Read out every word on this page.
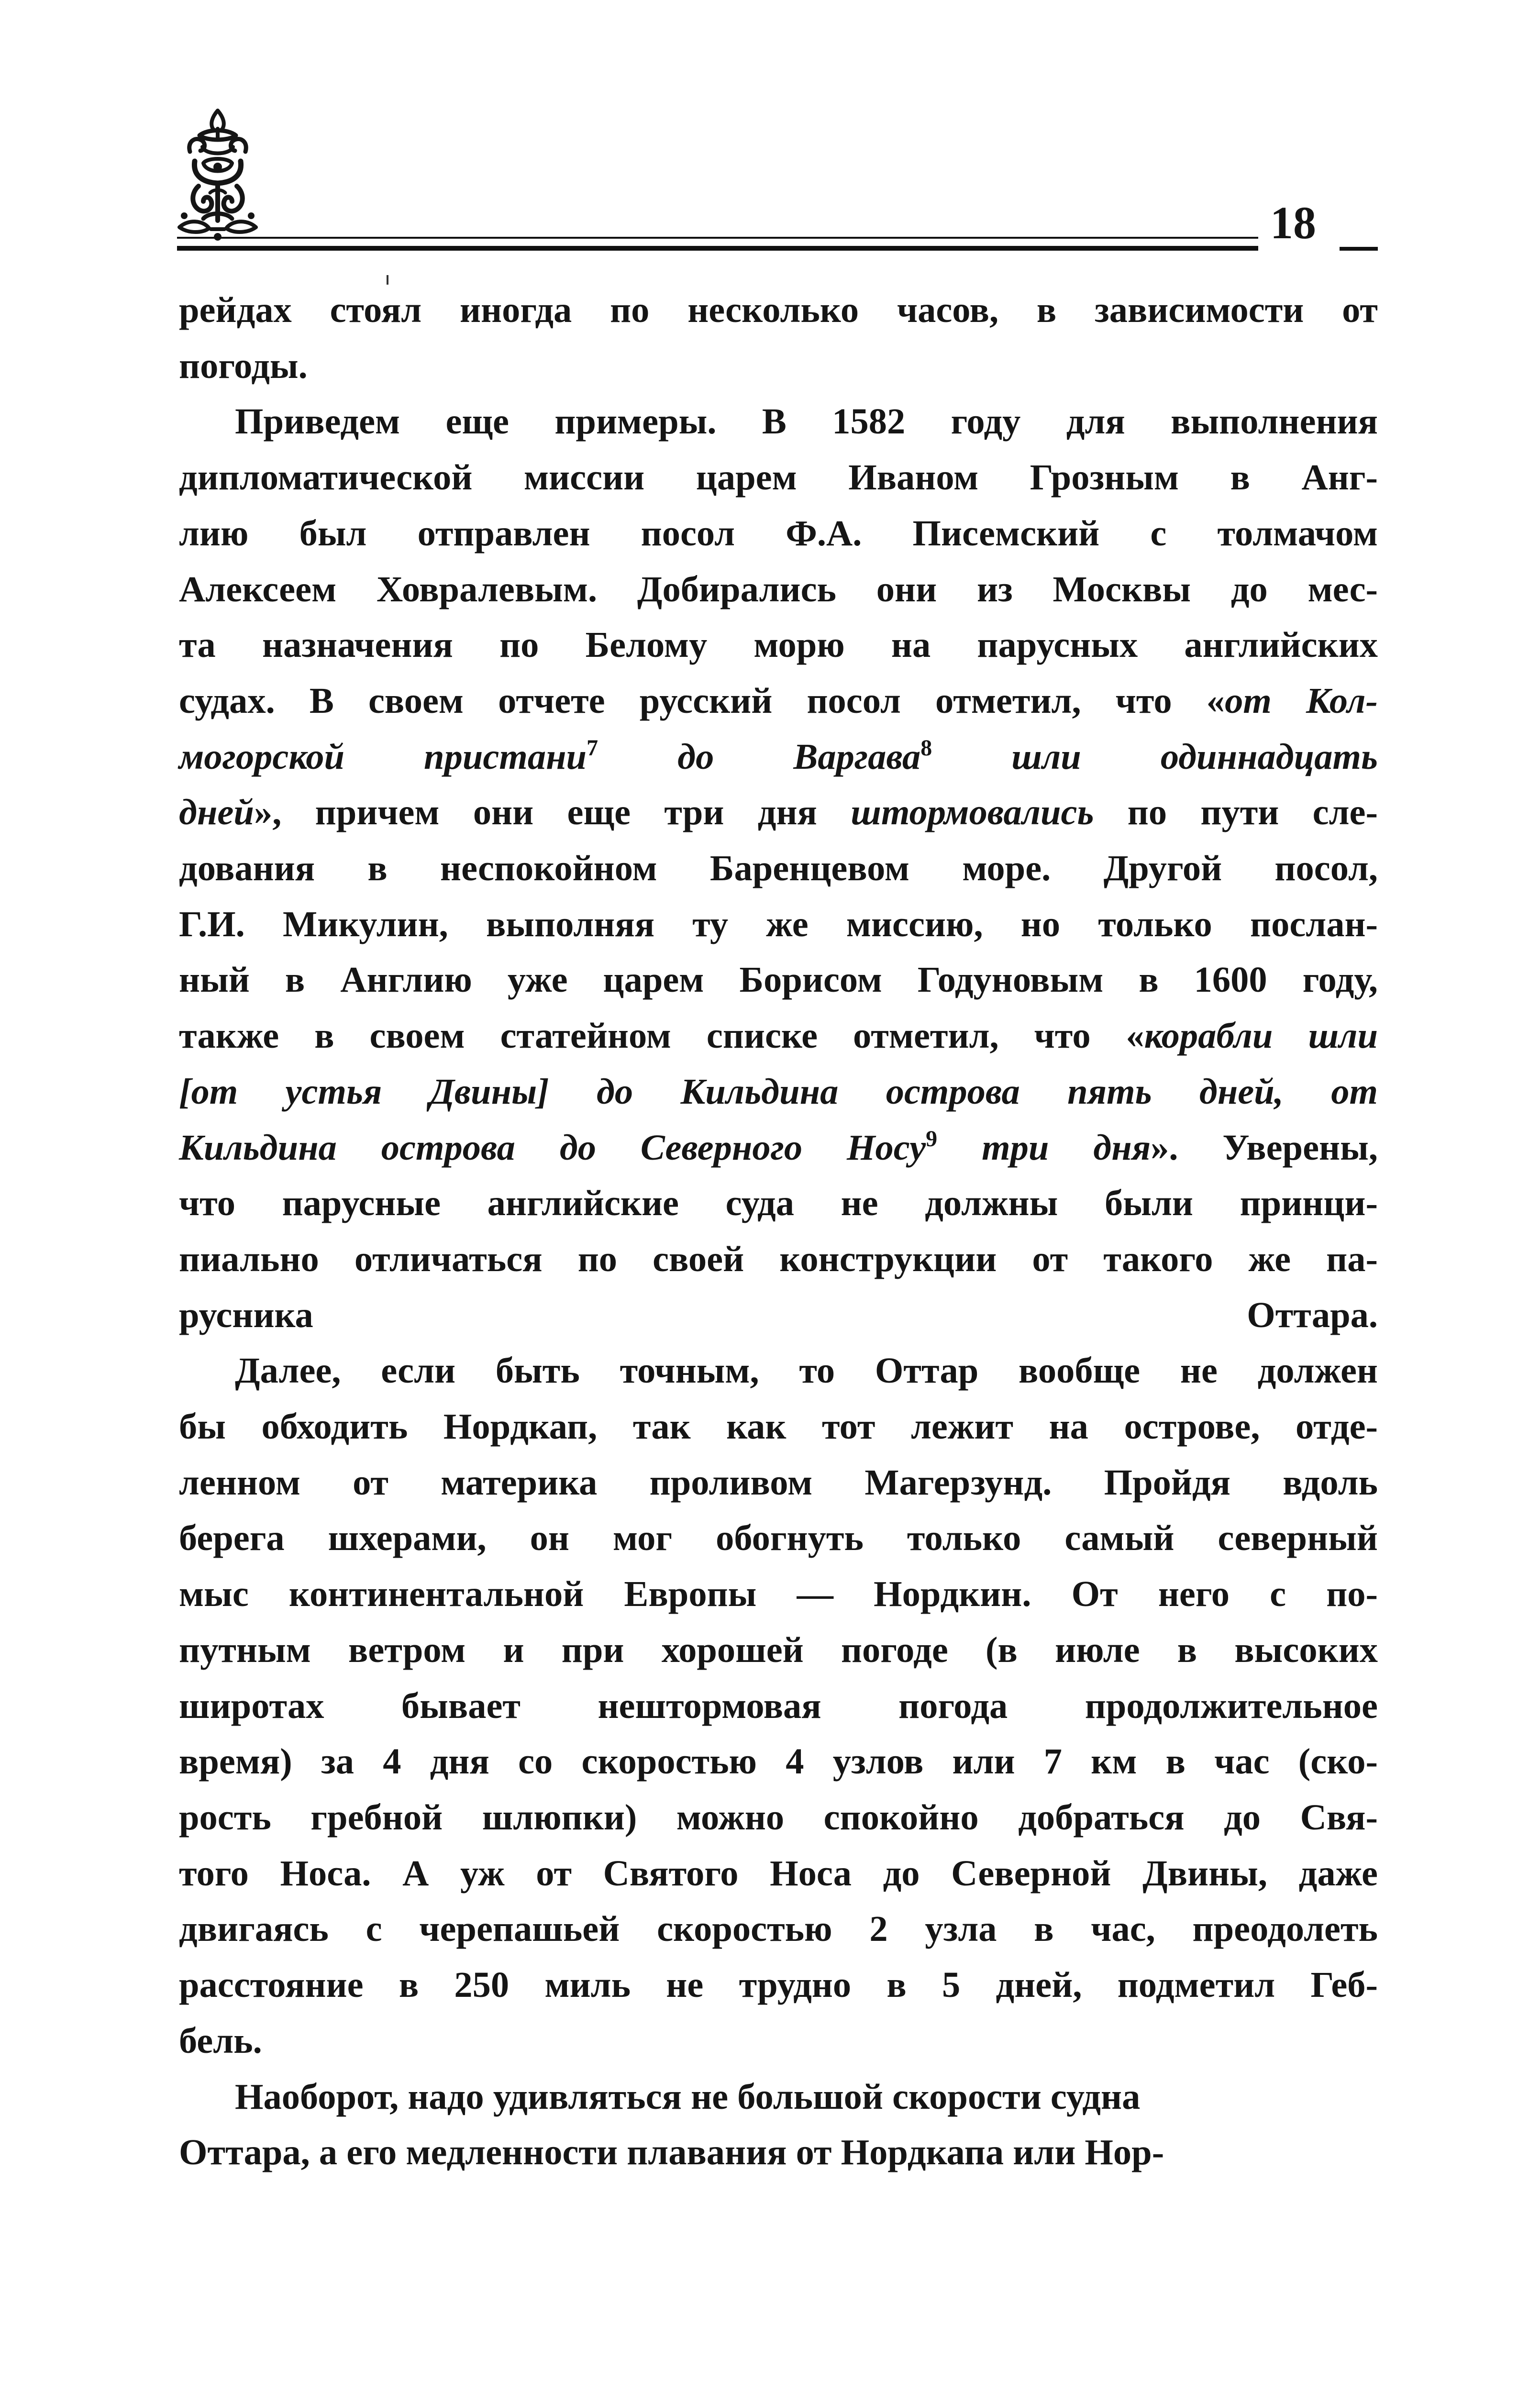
18

рейдах стоял иногда по несколько часов, в зависимости от
погоды.

Приведем еще примеры. В 1582 году для выполнения
дипломатической миссии царем Иваном Грозным в Анг-
лию был отправлен посол Ф.А. Писемский с толмачом
Алексеем Ховралевым. Добирались они из Москвы до мес-
та назначения по Белому морю на парусных английских
судах. В своем отчете русский посол отметил, что «от Кол-
могорской пристани$^7$ до Варгава$^8$ шли одиннадцать
дней», причем они еще три дня штормовались по пути сле-
дования в неспокойном Баренцевом море. Другой посол,
Г.И. Микулин, выполняя ту же миссию, но только послан-
ный в Англию уже царем Борисом Годуновым в 1600 году,
также в своем статейном списке отметил, что «корабли шли
[от устья Двины] до Кильдина острова пять дней, от
Кильдина острова до Северного Носу$^9$ три дня». Уверены,
что парусные английские суда не должны были принци-
пиально отличаться по своей конструкции от такого же па-
русника Оттара.

Далее, если быть точным, то Оттар вообще не должен
бы обходить Нордкап, так как тот лежит на острове, отде-
ленном от материка проливом Магерзунд. Пройдя вдоль
берега шхерами, он мог обогнуть только самый северный
мыс континентальной Европы — Нордкин. От него с по-
путным ветром и при хорошей погоде (в июле в высоких
широтах бывает нештормовая погода продолжительное
время) за 4 дня со скоростью 4 узлов или 7 км в час (ско-
рость гребной шлюпки) можно спокойно добраться до Свя-
того Носа. А уж от Святого Носа до Северной Двины, даже
двигаясь с черепашьей скоростью 2 узла в час, преодолеть
расстояние в 250 миль не трудно в 5 дней, подметил Геб-
бель.

Наоборот, надо удивляться не большой скорости судна
Оттара, а его медленности плавания от Нордкапа или Нор-
